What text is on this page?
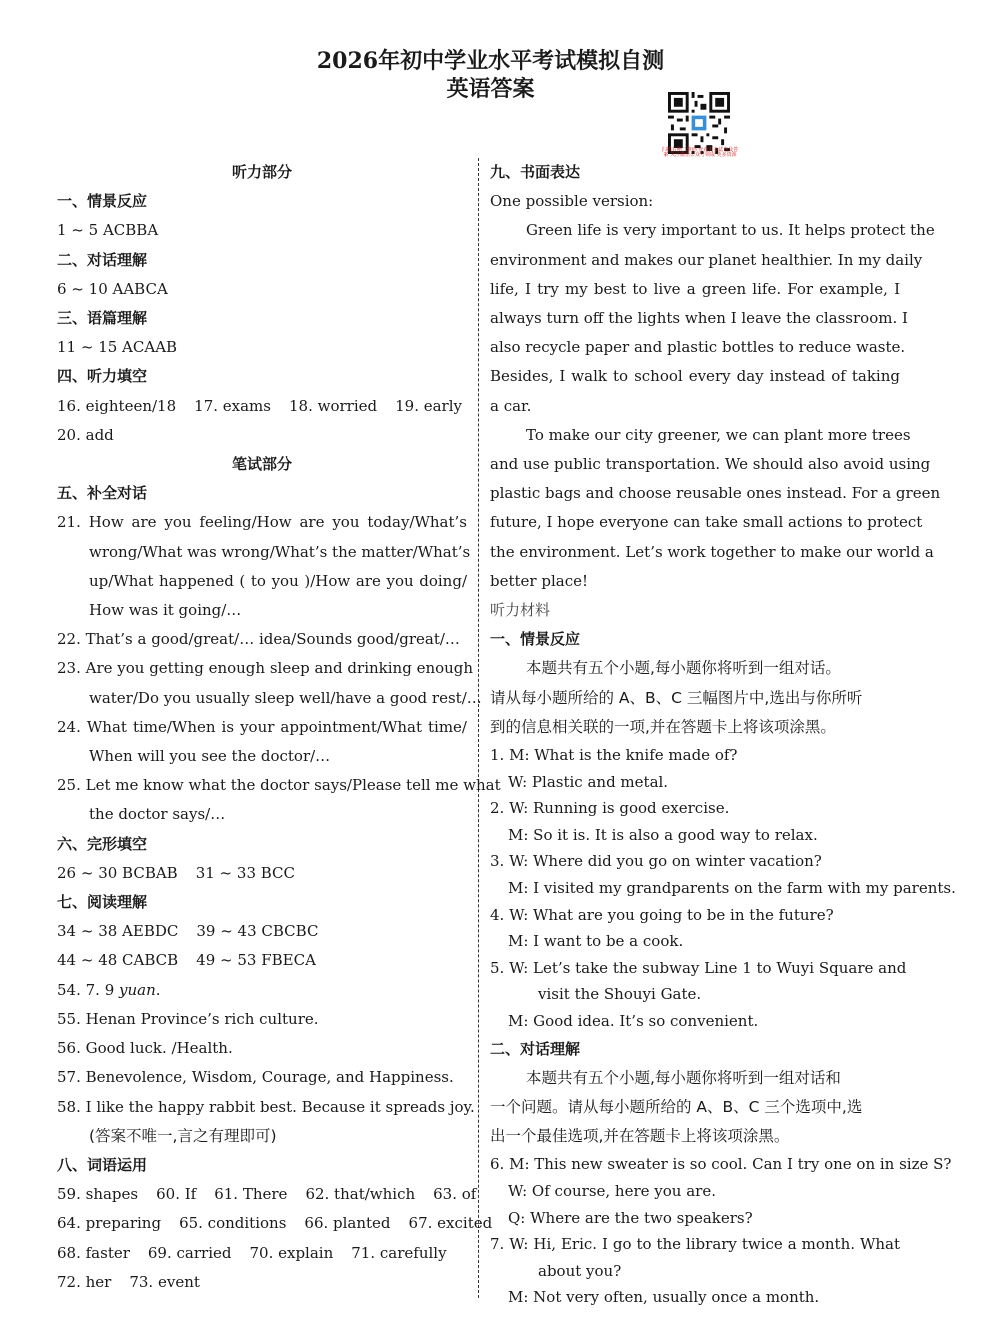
2026年初中学业水平考试模拟自测
英语答案
扫描右侧二维码 查看更多试卷及答案 关注微信公众号领取 更多资源
听力部分
一、情景反应
1 ~ 5 ACBBA
二、对话理解
6 ~ 10 AABCA
三、语篇理解
11 ~ 15 ACAAB
四、听力填空
16. eighteen/18 17. exams 18. worried 19. early
20. add
笔试部分
五、补全对话
21. How are you feeling/How are you today/What’s
wrong/What was wrong/What’s the matter/What’s
up/What happened ( to you )/How are you doing/
How was it going/…
22. That’s a good/great/… idea/Sounds good/great/…
23. Are you getting enough sleep and drinking enough
water/Do you usually sleep well/have a good rest/…
24. What time/When is your appointment/What time/
When will you see the doctor/…
25. Let me know what the doctor says/Please tell me what
the doctor says/…
六、完形填空
26 ~ 30 BCBAB 31 ~ 33 BCC
七、阅读理解
34 ~ 38 AEBDC 39 ~ 43 CBCBC
44 ~ 48 CABCB 49 ~ 53 FBECA
54. 7. 9 yuan.
55. Henan Province’s rich culture.
56. Good luck. /Health.
57. Benevolence, Wisdom, Courage, and Happiness.
58. I like the happy rabbit best. Because it spreads joy.
(答案不唯一,言之有理即可)
八、词语运用
59. shapes 60. If 61. There 62. that/which 63. of
64. preparing 65. conditions 66. planted 67. excited
68. faster 69. carried 70. explain 71. carefully
72. her 73. event
九、书面表达
One possible version:
Green life is very important to us. It helps protect the
environment and makes our planet healthier. In my daily
life, I try my best to live a green life. For example, I
always turn off the lights when I leave the classroom. I
also recycle paper and plastic bottles to reduce waste.
Besides, I walk to school every day instead of taking
a car.
To make our city greener, we can plant more trees
and use public transportation. We should also avoid using
plastic bags and choose reusable ones instead. For a green
future, I hope everyone can take small actions to protect
the environment. Let’s work together to make our world a
better place!
听力材料
一、情景反应
本题共有五个小题,每小题你将听到一组对话。
请从每小题所给的 A、B、C 三幅图片中,选出与你所听
到的信息相关联的一项,并在答题卡上将该项涂黑。
1. M: What is the knife made of?
W: Plastic and metal.
2. W: Running is good exercise.
M: So it is. It is also a good way to relax.
3. W: Where did you go on winter vacation?
M: I visited my grandparents on the farm with my parents.
4. W: What are you going to be in the future?
M: I want to be a cook.
5. W: Let’s take the subway Line 1 to Wuyi Square and
visit the Shouyi Gate.
M: Good idea. It’s so convenient.
二、对话理解
本题共有五个小题,每小题你将听到一组对话和
一个问题。请从每小题所给的 A、B、C 三个选项中,选
出一个最佳选项,并在答题卡上将该项涂黑。
6. M: This new sweater is so cool. Can I try one on in size S?
W: Of course, here you are.
Q: Where are the two speakers?
7. W: Hi, Eric. I go to the library twice a month. What
about you?
M: Not very often, usually once a month.
